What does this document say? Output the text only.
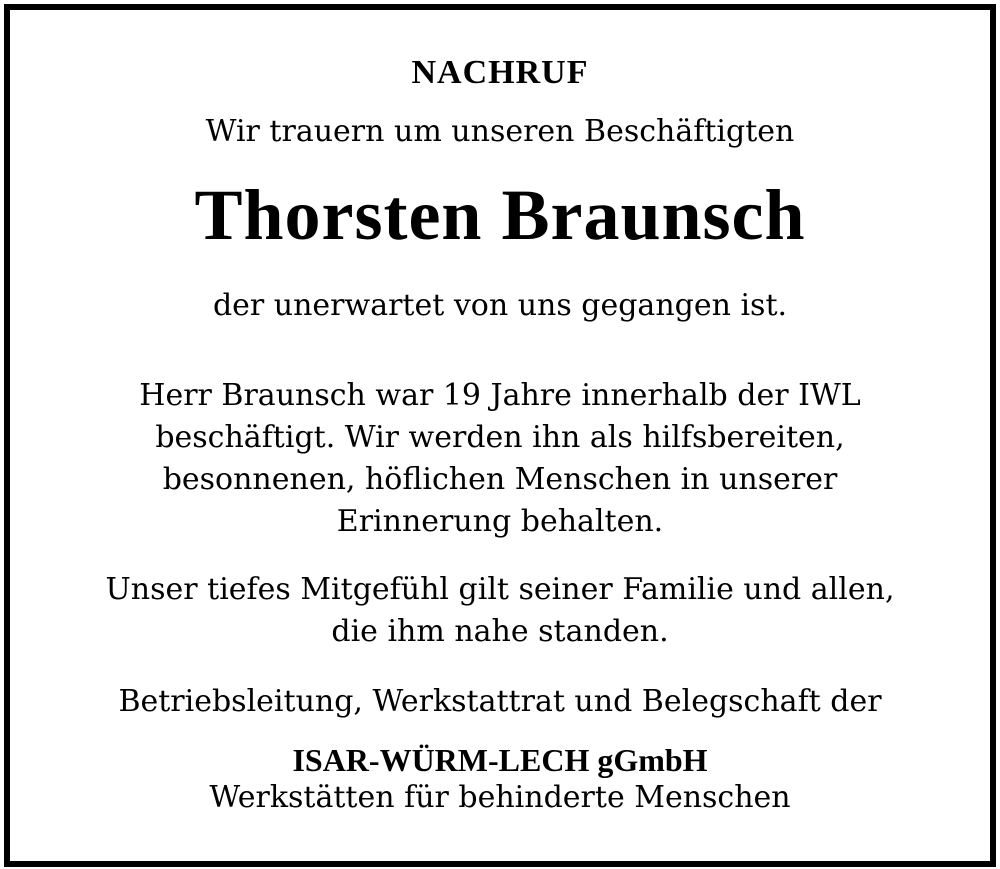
NACHRUF
Wir trauern um unseren Beschäftigten
Thorsten Braunsch
der unerwartet von uns gegangen ist.
Herr Braunsch war 19 Jahre innerhalb der IWL
beschäftigt. Wir werden ihn als hilfsbereiten,
besonnenen, höflichen Menschen in unserer
Erinnerung behalten.
Unser tiefes Mitgefühl gilt seiner Familie und allen,
die ihm nahe standen.
Betriebsleitung, Werkstattrat und Belegschaft der
ISAR-WÜRM-LECH gGmbH
Werkstätten für behinderte Menschen
